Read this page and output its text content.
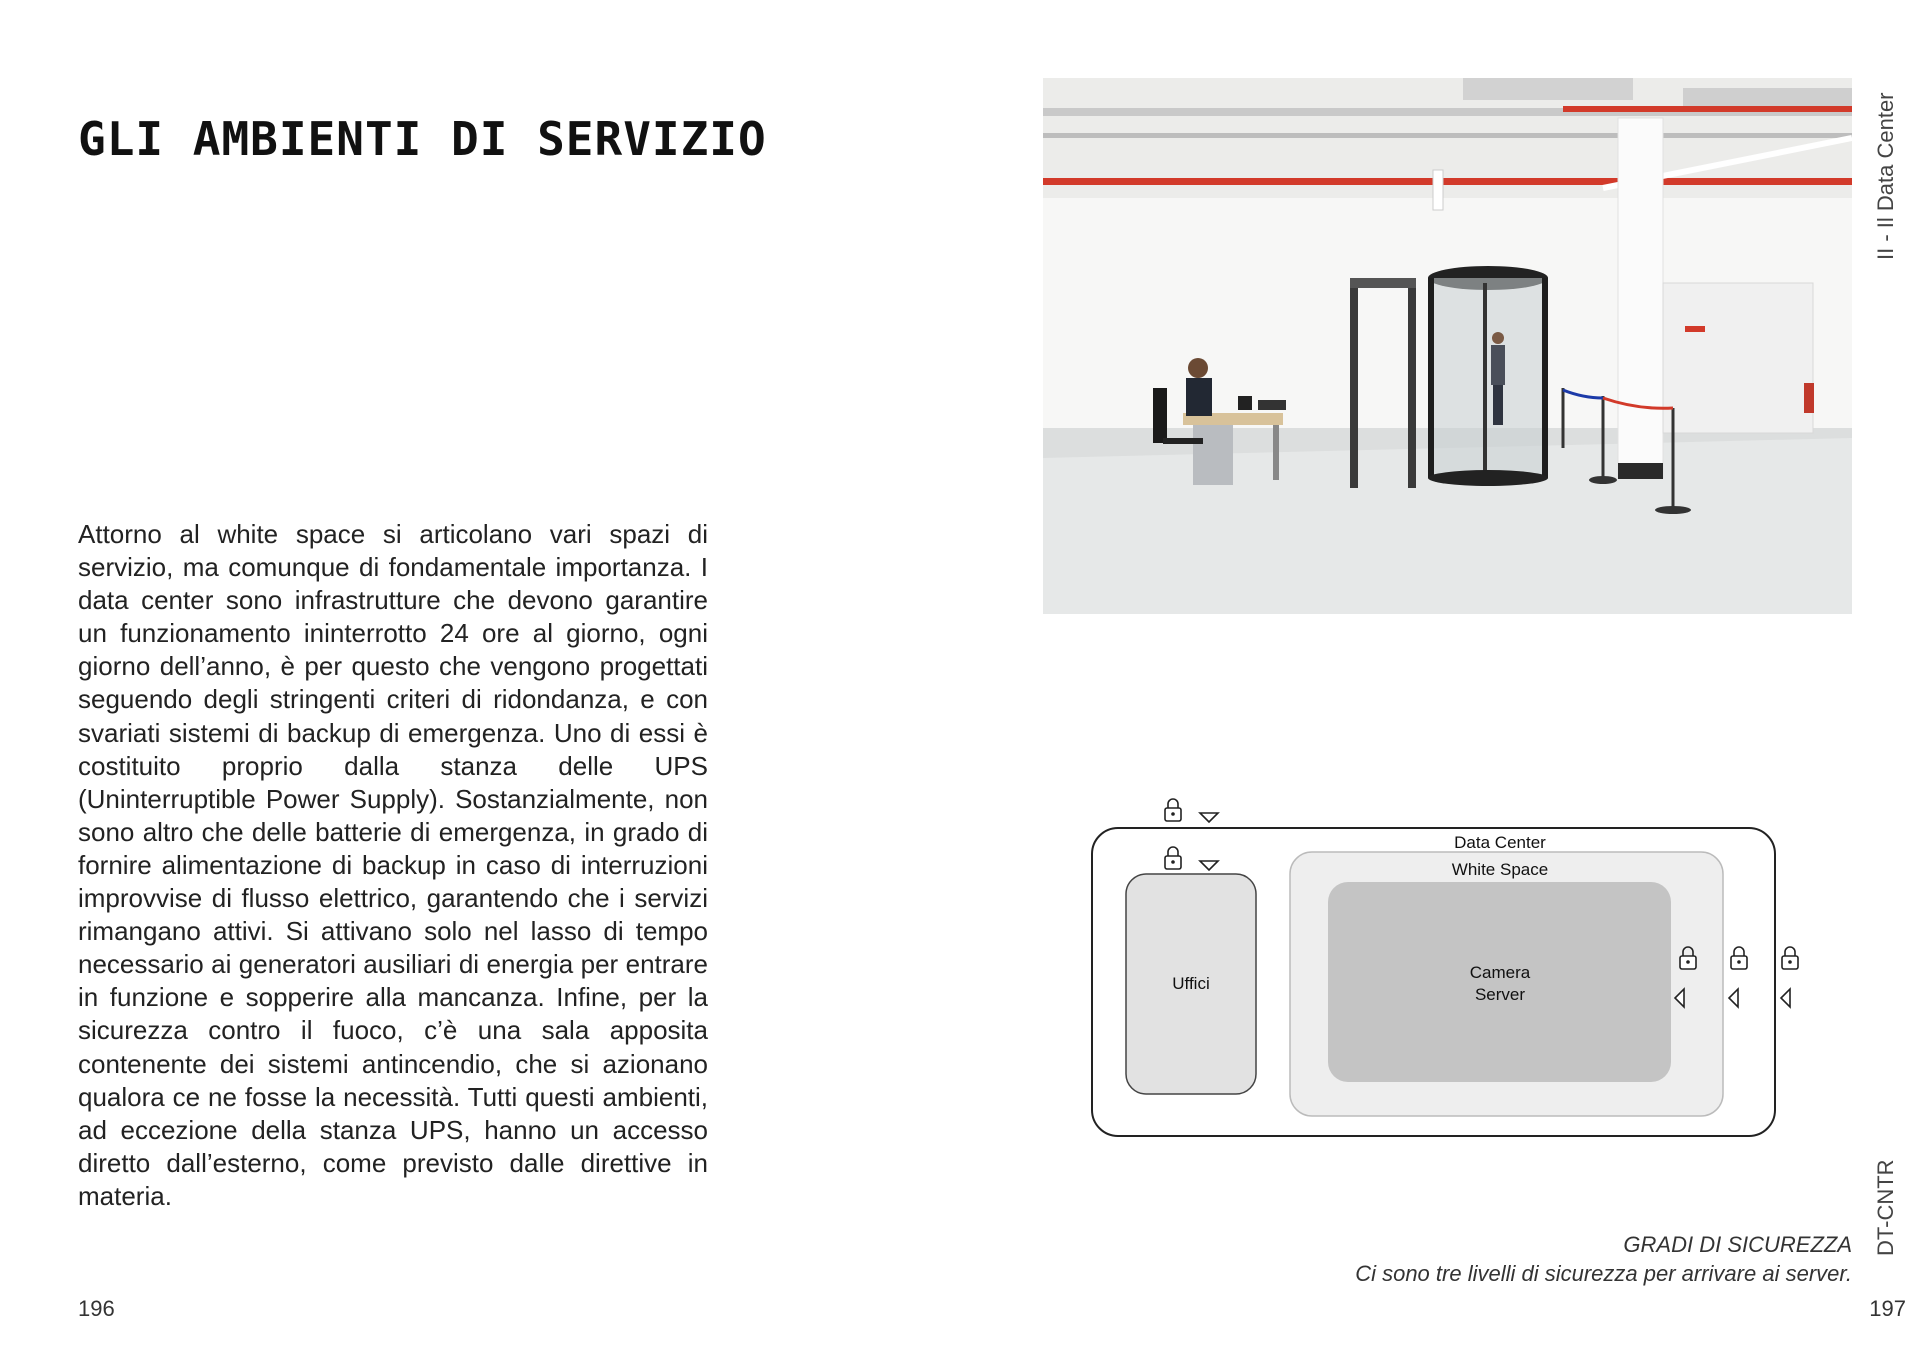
GLI AMBIENTI DI SERVIZIO

Attorno al white space si articolano vari spazi di servizio, ma comunque di fondamentale importanza. I data center sono infrastrutture che devono garantire un funzionamento ininterrotto 24 ore al giorno, ogni giorno dell’anno, è per questo che vengono progettati seguendo degli stringenti criteri di ridondanza, e con svariati sistemi di backup di emergenza. Uno di essi è costituito proprio dalla stanza delle UPS (Uninterruptible Power Supply). Sostanzialmente, non sono altro che delle batterie di emergenza, in grado di fornire alimentazione di backup in caso di interruzioni improvvise di flusso elettrico, garantendo che i servizi rimangano attivi. Si attivano solo nel lasso di tempo necessario ai generatori ausiliari di energia per entrare in funzione e sopperire alla mancanza. Infine, per la sicurezza contro il fuoco, c’è una sala apposita contenente dei sistemi antincendio, che si azionano qualora ce ne fosse la necessità. Tutti questi ambienti, ad eccezione della stanza UPS, hanno un accesso diretto dall’esterno, come previsto dalle direttive in materia.

196
II - Il Data Center
DT-CNTR
Data Center
White Space
Camera
Server
Uffici
GRADI DI SICUREZZA
Ci sono tre livelli di sicurezza per arrivare ai server.
197
